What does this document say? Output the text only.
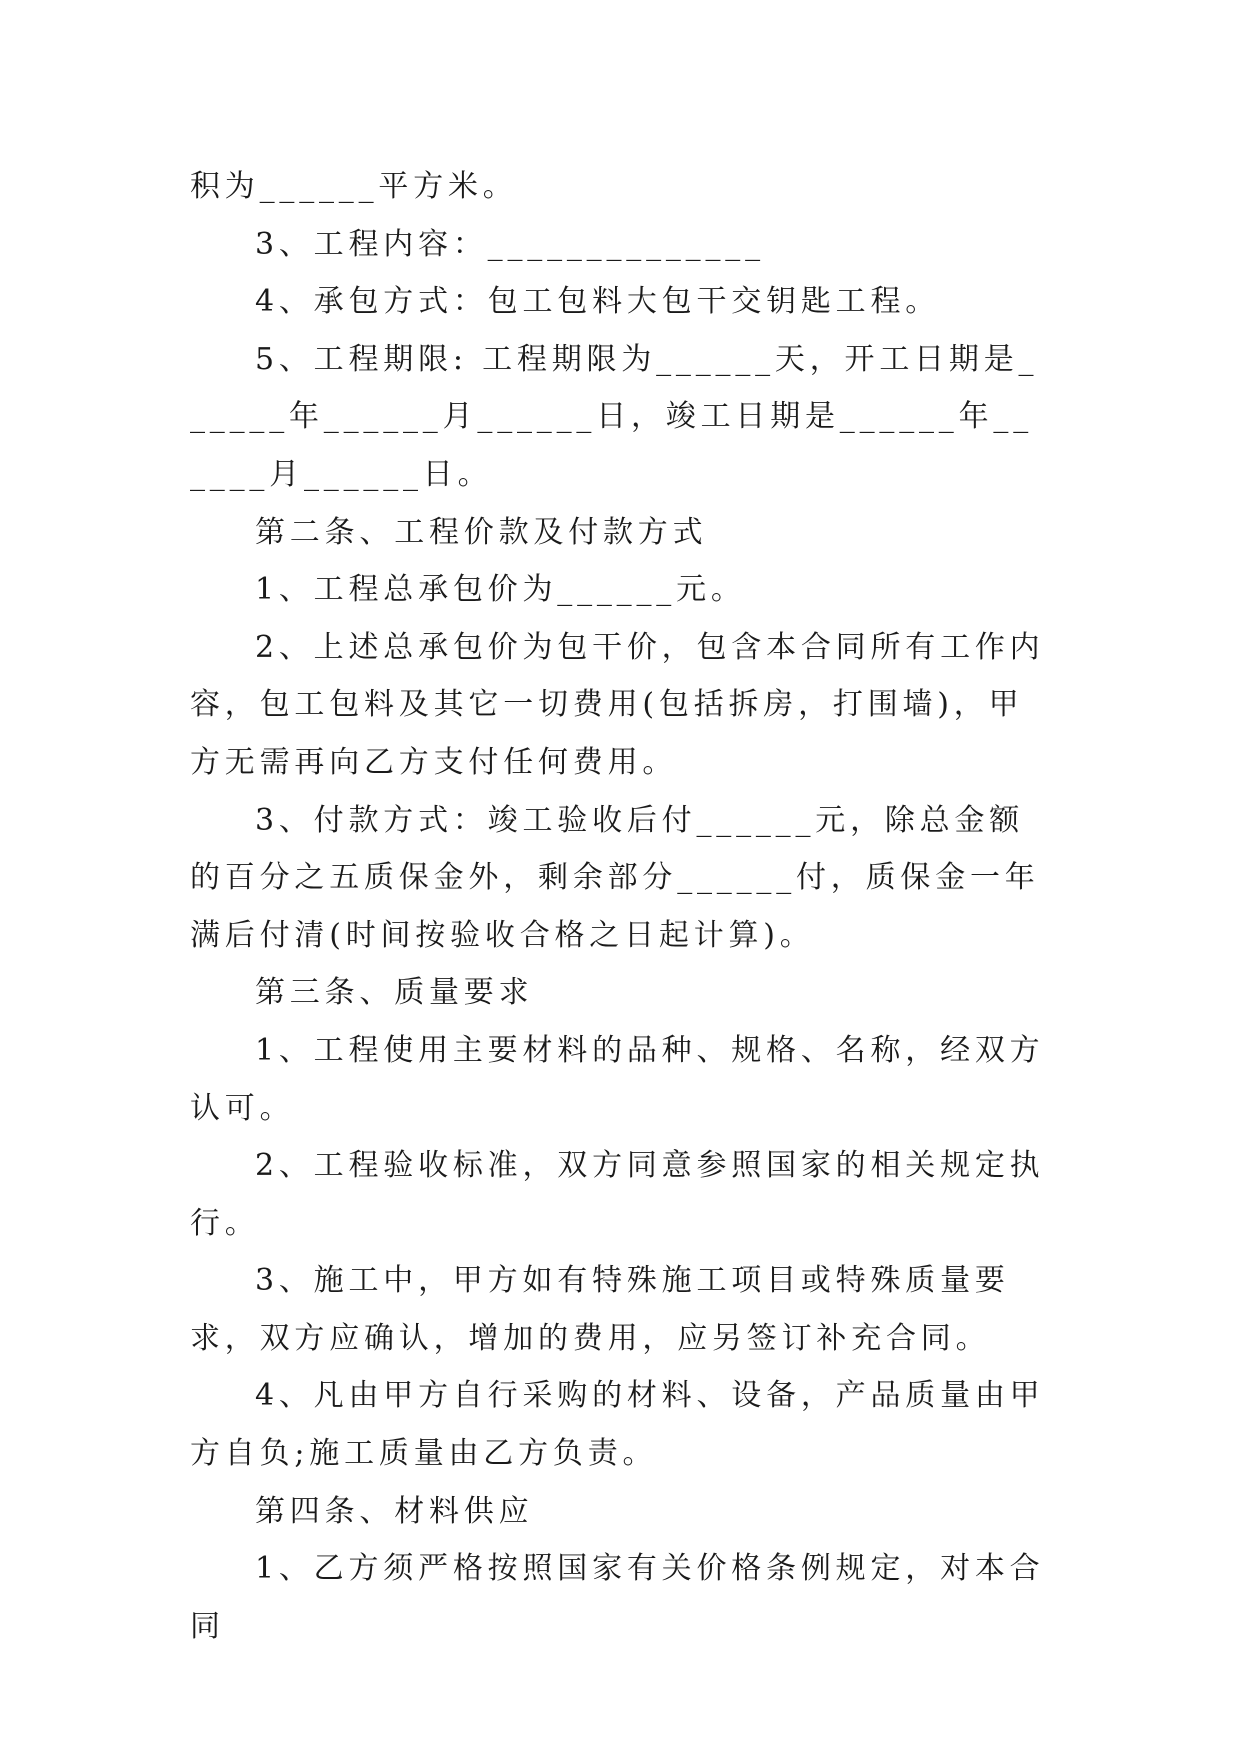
积为______平方米。

3、工程内容：______________

4、承包方式：包工包料大包干交钥匙工程。

5、工程期限: 工程期限为______天，开工日期是______年______月______日，竣工日期是______年______月______日。

第二条、工程价款及付款方式

1、工程总承包价为______元。

2、上述总承包价为包干价，包含本合同所有工作内容，包工包料及其它一切费用(包括拆房，打围墙)，甲方无需再向乙方支付任何费用。

3、付款方式：竣工验收后付______元，除总金额的百分之五质保金外，剩余部分______付，质保金一年满后付清(时间按验收合格之日起计算)。

第三条、质量要求

1、工程使用主要材料的品种、规格、名称，经双方认可。

2、工程验收标准，双方同意参照国家的相关规定执行。

3、施工中，甲方如有特殊施工项目或特殊质量要求，双方应确认，增加的费用，应另签订补充合同。

4、凡由甲方自行采购的材料、设备，产品质量由甲方自负;施工质量由乙方负责。

第四条、材料供应

1、乙方须严格按照国家有关价格条例规定，对本合同
